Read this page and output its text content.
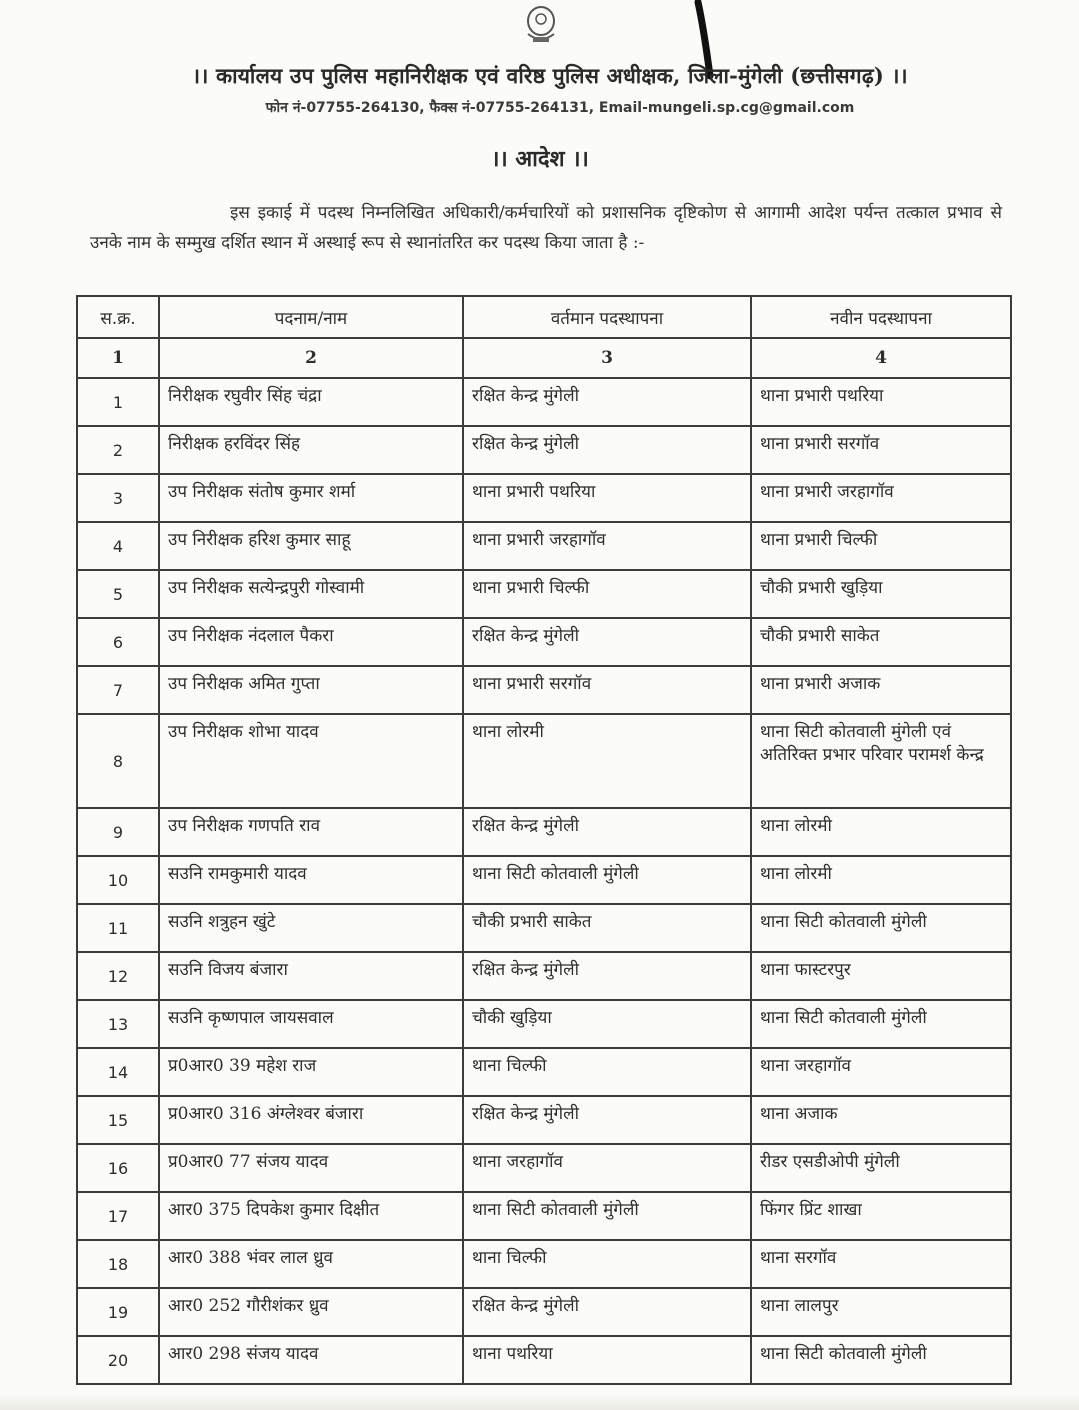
।। कार्यालय उप पुलिस महानिरीक्षक एवं वरिष्ठ पुलिस अधीक्षक, जिला-मुंगेली (छत्तीसगढ़) ।।
फोन नं-07755-264130, फैक्स नं-07755-264131, Email-mungeli.sp.cg@gmail.com
।। आदेश ।।
इस इकाई में पदस्थ निम्नलिखित अधिकारी/कर्मचारियों को प्रशासनिक दृष्टिकोण से आगामी आदेश पर्यन्त तत्काल प्रभाव से उनके नाम के सम्मुख दर्शित स्थान में अस्थाई रूप से स्थानांतरित कर पदस्थ किया जाता है :-
स.क्र.	पदनाम/नाम	वर्तमान पदस्थापना	नवीन पदस्थापना
1	2	3	4
1	निरीक्षक रघुवीर सिंह चंद्रा	रक्षित केन्द्र मुंगेली	थाना प्रभारी पथरिया
2	निरीक्षक हरविंदर सिंह	रक्षित केन्द्र मुंगेली	थाना प्रभारी सरगॉव
3	उप निरीक्षक संतोष कुमार शर्मा	थाना प्रभारी पथरिया	थाना प्रभारी जरहागॉव
4	उप निरीक्षक हरिश कुमार साहू	थाना प्रभारी जरहागॉव	थाना प्रभारी चिल्फी
5	उप निरीक्षक सत्येन्द्रपुरी गोस्वामी	थाना प्रभारी चिल्फी	चौकी प्रभारी खुड़िया
6	उप निरीक्षक नंदलाल पैकरा	रक्षित केन्द्र मुंगेली	चौकी प्रभारी साकेत
7	उप निरीक्षक अमित गुप्ता	थाना प्रभारी सरगॉव	थाना प्रभारी अजाक
8	उप निरीक्षक शोभा यादव	थाना लोरमी	थाना सिटी कोतवाली मुंगेली एवं अतिरिक्त प्रभार परिवार परामर्श केन्द्र
9	उप निरीक्षक गणपति राव	रक्षित केन्द्र मुंगेली	थाना लोरमी
10	सउनि रामकुमारी यादव	थाना सिटी कोतवाली मुंगेली	थाना लोरमी
11	सउनि शत्रुहन खुंटे	चौकी प्रभारी साकेत	थाना सिटी कोतवाली मुंगेली
12	सउनि विजय बंजारा	रक्षित केन्द्र मुंगेली	थाना फास्टरपुर
13	सउनि कृष्णपाल जायसवाल	चौकी खुड़िया	थाना सिटी कोतवाली मुंगेली
14	प्र0आर0 39 महेश राज	थाना चिल्फी	थाना जरहागॉव
15	प्र0आर0 316 अंग्लेश्वर बंजारा	रक्षित केन्द्र मुंगेली	थाना अजाक
16	प्र0आर0 77 संजय यादव	थाना जरहागॉव	रीडर एसडीओपी मुंगेली
17	आर0 375 दिपकेश कुमार दिक्षीत	थाना सिटी कोतवाली मुंगेली	फिंगर प्रिंट शाखा
18	आर0 388 भंवर लाल ध्रुव	थाना चिल्फी	थाना सरगॉव
19	आर0 252 गौरीशंकर ध्रुव	रक्षित केन्द्र मुंगेली	थाना लालपुर
20	आर0 298 संजय यादव	थाना पथरिया	थाना सिटी कोतवाली मुंगेली
